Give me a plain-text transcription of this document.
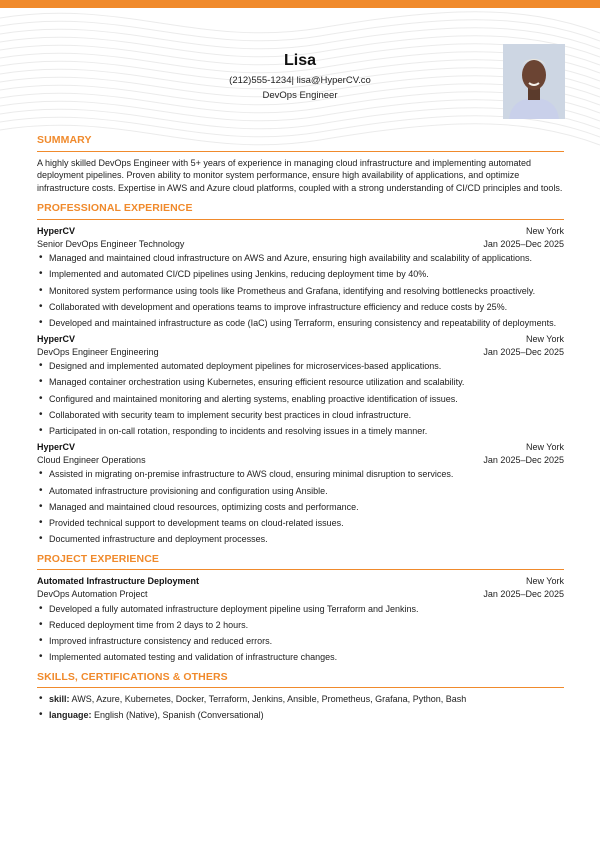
Lisa
(212)555-1234| lisa@HyperCV.co
DevOps Engineer
SUMMARY
A highly skilled DevOps Engineer with 5+ years of experience in managing cloud infrastructure and implementing automated deployment pipelines. Proven ability to monitor system performance, ensure high availability of applications, and optimize infrastructure costs. Expertise in AWS and Azure cloud platforms, coupled with a strong understanding of CI/CD principles and tools.
PROFESSIONAL EXPERIENCE
HyperCV	New York
Senior DevOps Engineer Technology	Jan 2025–Dec 2025
• Managed and maintained cloud infrastructure on AWS and Azure, ensuring high availability and scalability of applications.
• Implemented and automated CI/CD pipelines using Jenkins, reducing deployment time by 40%.
• Monitored system performance using tools like Prometheus and Grafana, identifying and resolving bottlenecks proactively.
• Collaborated with development and operations teams to improve infrastructure efficiency and reduce costs by 25%.
• Developed and maintained infrastructure as code (IaC) using Terraform, ensuring consistency and repeatability of deployments.
HyperCV	New York
DevOps Engineer Engineering	Jan 2025–Dec 2025
• Designed and implemented automated deployment pipelines for microservices-based applications.
• Managed container orchestration using Kubernetes, ensuring efficient resource utilization and scalability.
• Configured and maintained monitoring and alerting systems, enabling proactive identification of issues.
• Collaborated with security team to implement security best practices in cloud infrastructure.
• Participated in on-call rotation, responding to incidents and resolving issues in a timely manner.
HyperCV	New York
Cloud Engineer Operations	Jan 2025–Dec 2025
• Assisted in migrating on-premise infrastructure to AWS cloud, ensuring minimal disruption to services.
• Automated infrastructure provisioning and configuration using Ansible.
• Managed and maintained cloud resources, optimizing costs and performance.
• Provided technical support to development teams on cloud-related issues.
• Documented infrastructure and deployment processes.
PROJECT EXPERIENCE
Automated Infrastructure Deployment	New York
DevOps Automation Project	Jan 2025–Dec 2025
• Developed a fully automated infrastructure deployment pipeline using Terraform and Jenkins.
• Reduced deployment time from 2 days to 2 hours.
• Improved infrastructure consistency and reduced errors.
• Implemented automated testing and validation of infrastructure changes.
SKILLS, CERTIFICATIONS & OTHERS
• skill: AWS, Azure, Kubernetes, Docker, Terraform, Jenkins, Ansible, Prometheus, Grafana, Python, Bash
• language: English (Native), Spanish (Conversational)
